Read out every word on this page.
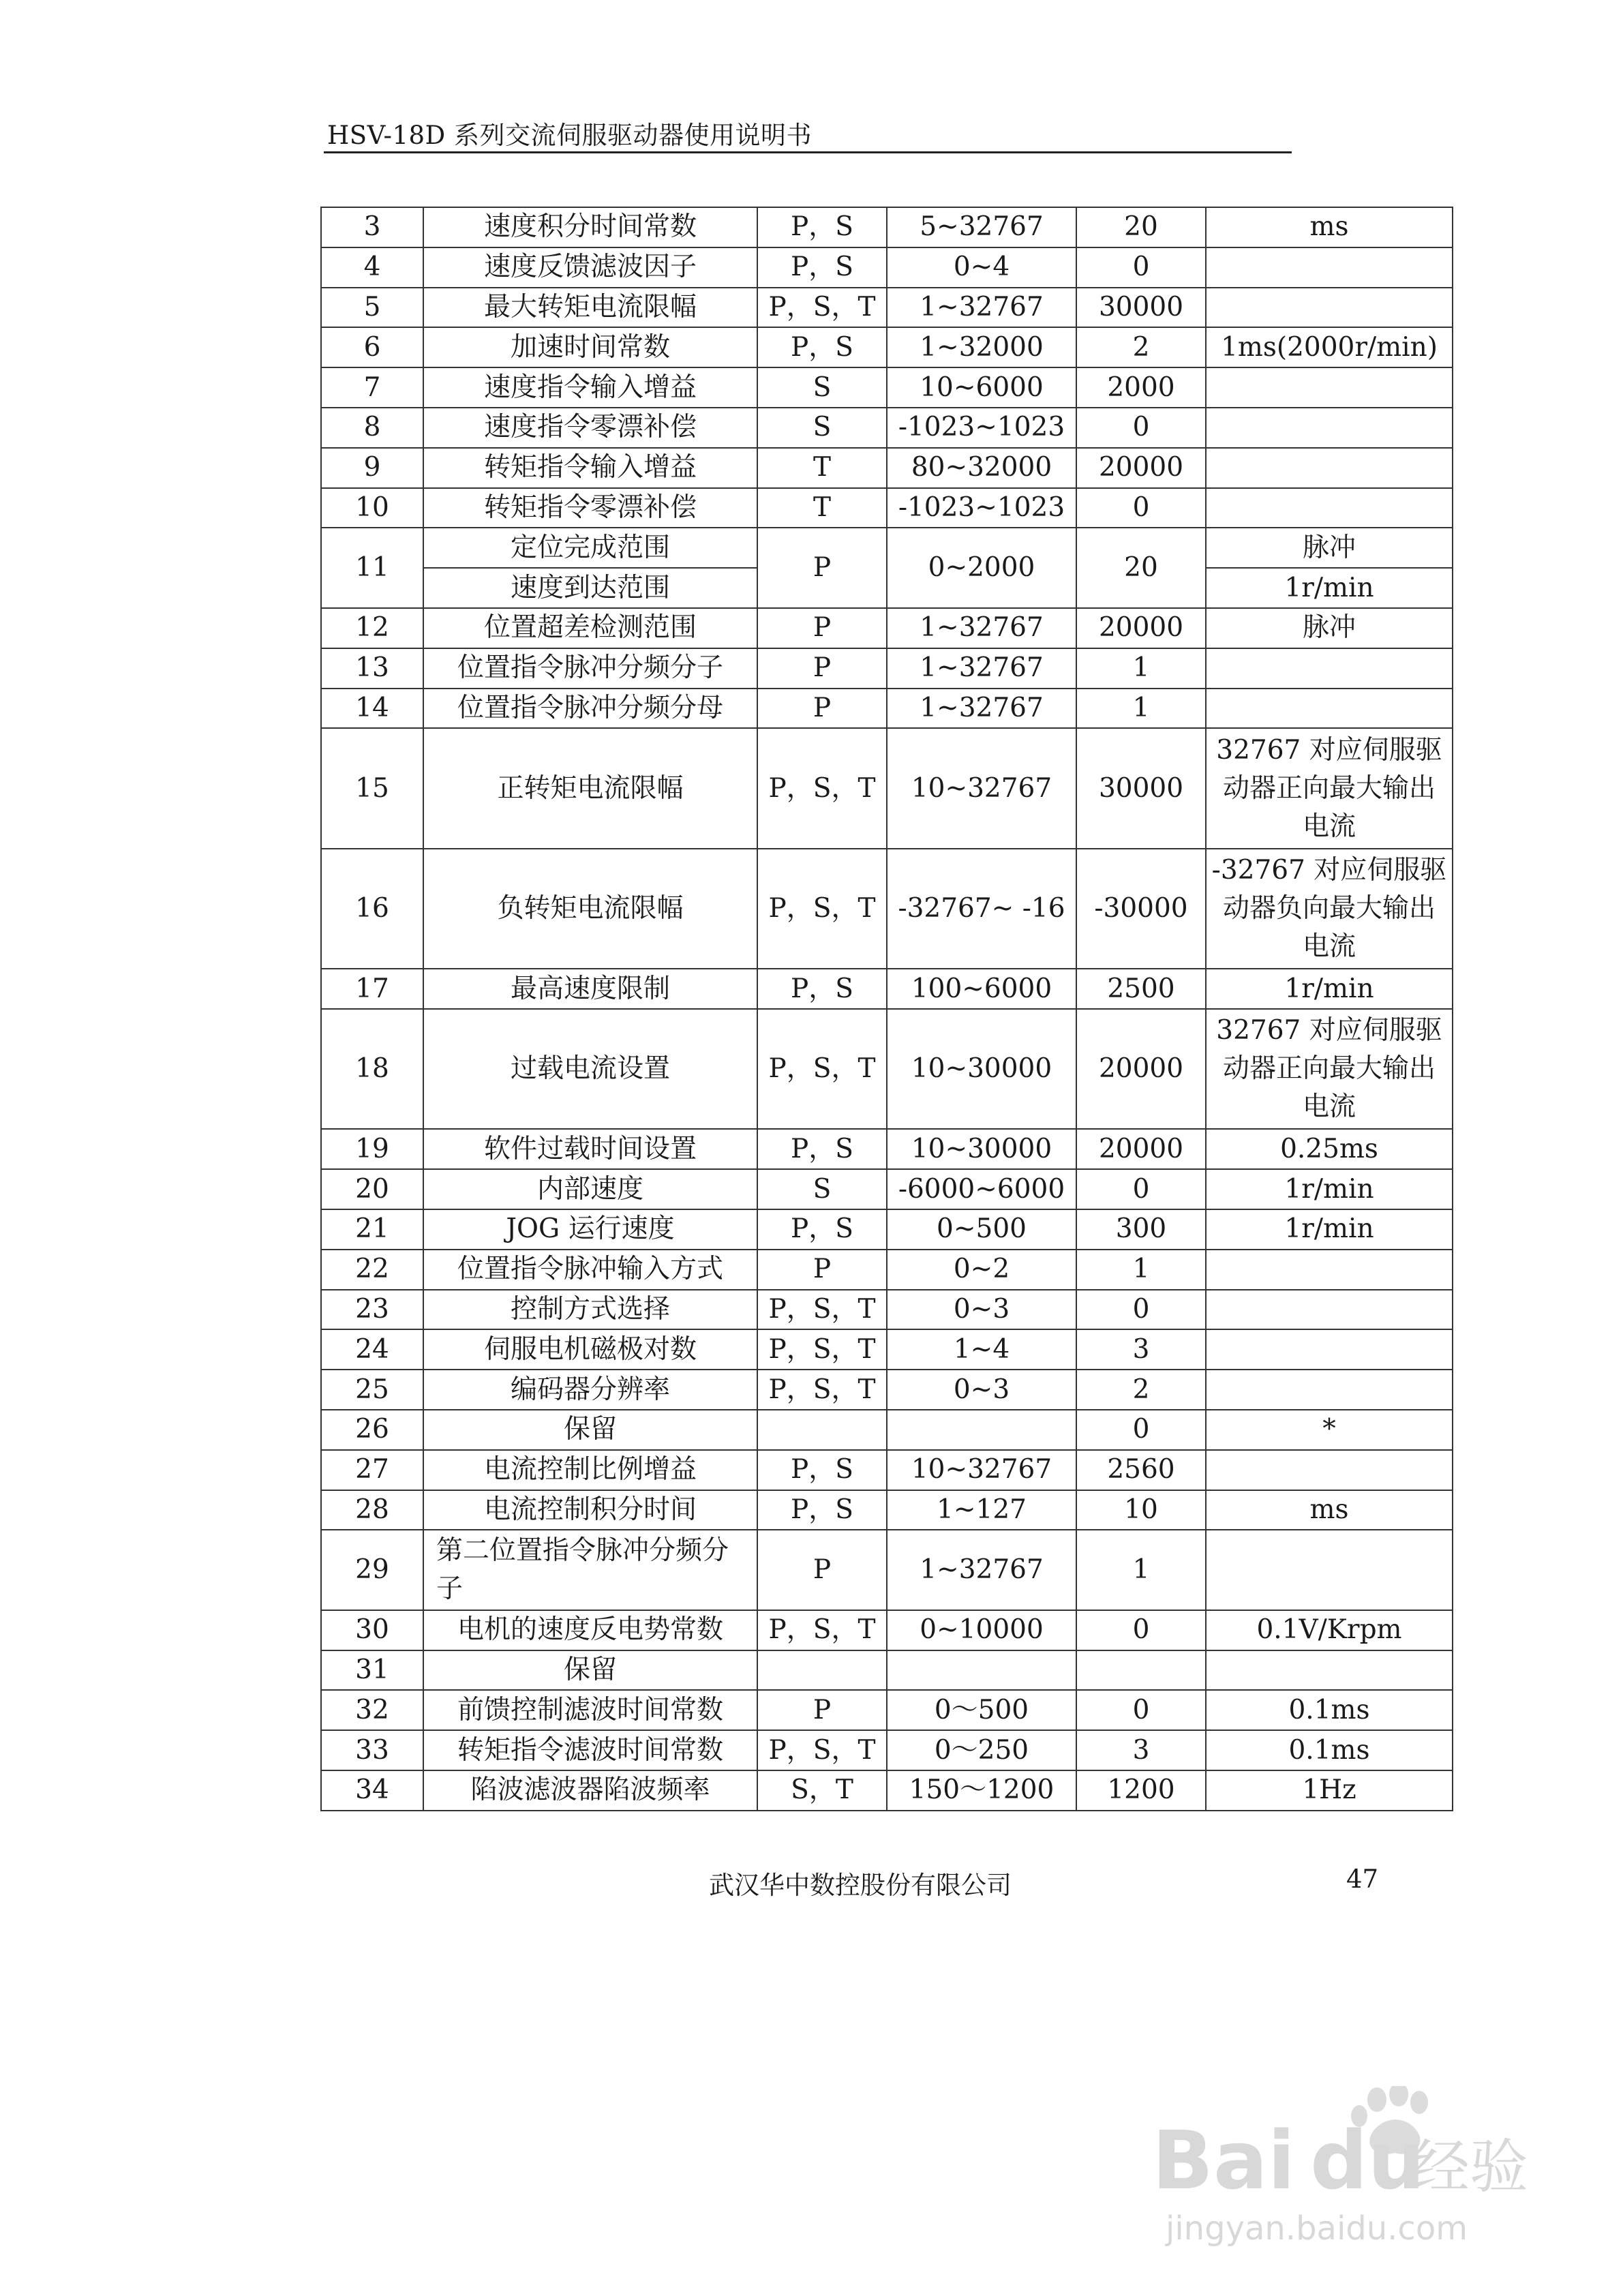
HSV-18D 系列交流伺服驱动器使用说明书
3	速度积分时间常数	P，S	5~32767	20	ms
4	速度反馈滤波因子	P，S	0~4	0	
5	最大转矩电流限幅	P，S，T	1~32767	30000	
6	加速时间常数	P，S	1~32000	2	1ms(2000r/min)
7	速度指令输入增益	S	10~6000	2000	
8	速度指令零漂补偿	S	-1023~1023	0	
9	转矩指令输入增益	T	80~32000	20000	
10	转矩指令零漂补偿	T	-1023~1023	0	
11	定位完成范围	P	0~2000	20	脉冲
	速度到达范围				1r/min
12	位置超差检测范围	P	1~32767	20000	脉冲
13	位置指令脉冲分频分子	P	1~32767	1	
14	位置指令脉冲分频分母	P	1~32767	1	
15	正转矩电流限幅	P，S，T	10~32767	30000	32767 对应伺服驱动器正向最大输出电流
16	负转矩电流限幅	P，S，T	-32767~ -16	-30000	-32767 对应伺服驱动器负向最大输出电流
17	最高速度限制	P，S	100~6000	2500	1r/min
18	过载电流设置	P，S，T	10~30000	20000	32767 对应伺服驱动器正向最大输出电流
19	软件过载时间设置	P，S	10~30000	20000	0.25ms
20	内部速度	S	-6000~6000	0	1r/min
21	JOG 运行速度	P，S	0~500	300	1r/min
22	位置指令脉冲输入方式	P	0~2	1	
23	控制方式选择	P，S，T	0~3	0	
24	伺服电机磁极对数	P，S，T	1~4	3	
25	编码器分辨率	P，S，T	0~3	2	
26	保留			0	*
27	电流控制比例增益	P，S	10~32767	2560	
28	电流控制积分时间	P，S	1~127	10	ms
29	第二位置指令脉冲分频分子	P	1~32767	1	
30	电机的速度反电势常数	P，S，T	0~10000	0	0.1V/Krpm
31	保留				
32	前馈控制滤波时间常数	P	0～500	0	0.1ms
33	转矩指令滤波时间常数	P，S，T	0～250	3	0.1ms
34	陷波滤波器陷波频率	S，T	150～1200	1200	1Hz
武汉华中数控股份有限公司	47
Bai du
经验
jingyan.baidu.com
